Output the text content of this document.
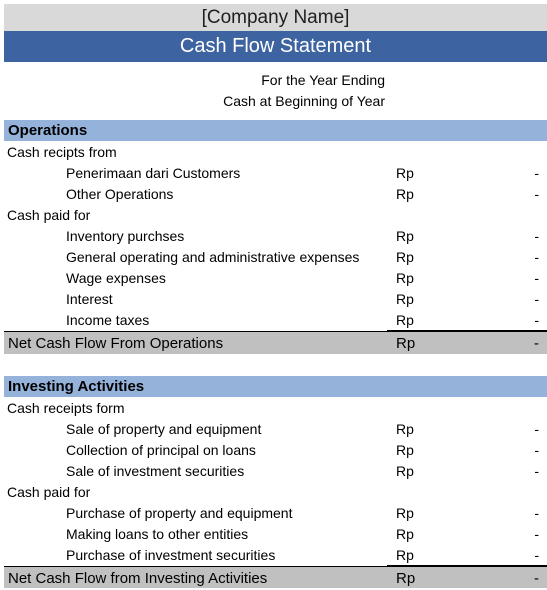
[Company Name]
Cash Flow Statement
For the Year Ending
Cash at Beginning of Year
Operations
Cash recipts from
Penerimaan dari Customers	Rp	-
Other Operations	Rp	-
Cash paid for
Inventory purchses	Rp	-
General operating and administrative expenses	Rp	-
Wage expenses	Rp	-
Interest	Rp	-
Income taxes	Rp	-
Net Cash Flow From Operations	Rp	-
Investing Activities
Cash receipts form
Sale of property and equipment	Rp	-
Collection of principal on loans	Rp	-
Sale of investment securities	Rp	-
Cash paid for
Purchase of property and equipment	Rp	-
Making loans to other entities	Rp	-
Purchase of investment securities	Rp	-
Net Cash Flow from Investing Activities	Rp	-
